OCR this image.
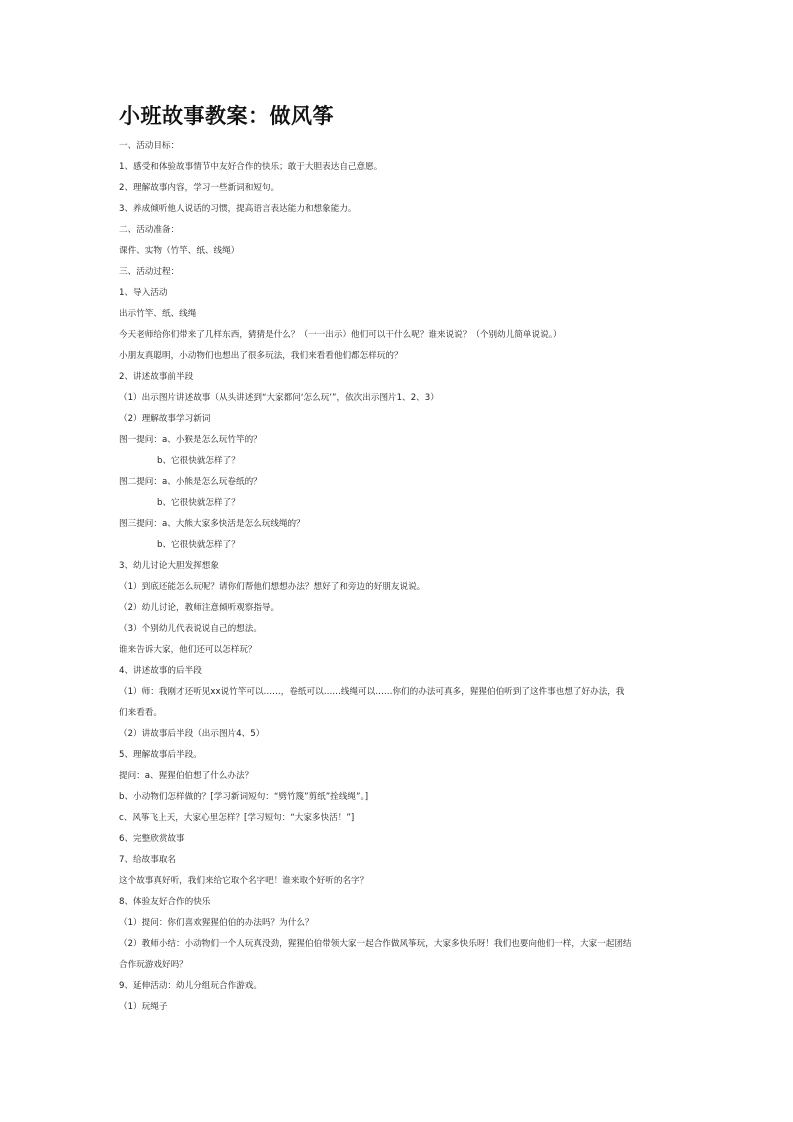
小班故事教案：做风筝
一、活动目标：
1、感受和体验故事情节中友好合作的快乐；敢于大胆表达自己意愿。
2、理解故事内容，学习一些新词和短句。
3、养成倾听他人说话的习惯，提高语言表达能力和想象能力。
二、活动准备：
课件、实物（竹竿、纸、线绳）
三、活动过程：
1、导入活动
出示竹竿、纸、线绳
今天老师给你们带来了几样东西，猜猜是什么？（一一出示）他们可以干什么呢？谁来说说？（个别幼儿简单说说。）
小朋友真聪明，小动物们也想出了很多玩法，我们来看看他们都怎样玩的？
2、讲述故事前半段
（1）出示图片讲述故事（从头讲述到“大家都问‘怎么玩’”，依次出示图片1、2、3）
（2）理解故事学习新词
图一提问：a、小猴是怎么玩竹竿的？
b、它很快就怎样了？
图二提问：a、小熊是怎么玩卷纸的？
b、它很快就怎样了？
图三提问：a、大熊大家多快活是怎么玩线绳的？
b、它很快就怎样了？
3、幼儿讨论大胆发挥想象
（1）到底还能怎么玩呢？请你们帮他们想想办法？想好了和旁边的好朋友说说。
（2）幼儿讨论，教师注意倾听观察指导。
（3）个别幼儿代表说说自己的想法。
谁来告诉大家，他们还可以怎样玩？
4、讲述故事的后半段
（1）师：我刚才还听见xx说竹竿可以……，卷纸可以……线绳可以……你们的办法可真多，猩猩伯伯听到了这件事也想了好办法，我
们来看看。
（2）讲故事后半段（出示图片4、5）
5、理解故事后半段。
提问：a、猩猩伯伯想了什么办法？
b、小动物们怎样做的？[学习新词短句：“劈竹篾”剪纸”拴线绳”。]
c、风筝飞上天，大家心里怎样？[学习短句：“大家多快活！”]
6、完整欣赏故事
7、给故事取名
这个故事真好听，我们来给它取个名字吧！谁来取个好听的名字？
8、体验友好合作的快乐
（1）提问：你们喜欢猩猩伯伯的办法吗？为什么？
（2）教师小结：小动物们一个人玩真没劲，猩猩伯伯带领大家一起合作做风筝玩，大家多快乐呀！我们也要向他们一样，大家一起团结
合作玩游戏好吗？
9、延伸活动：幼儿分组玩合作游戏。
（1）玩绳子
